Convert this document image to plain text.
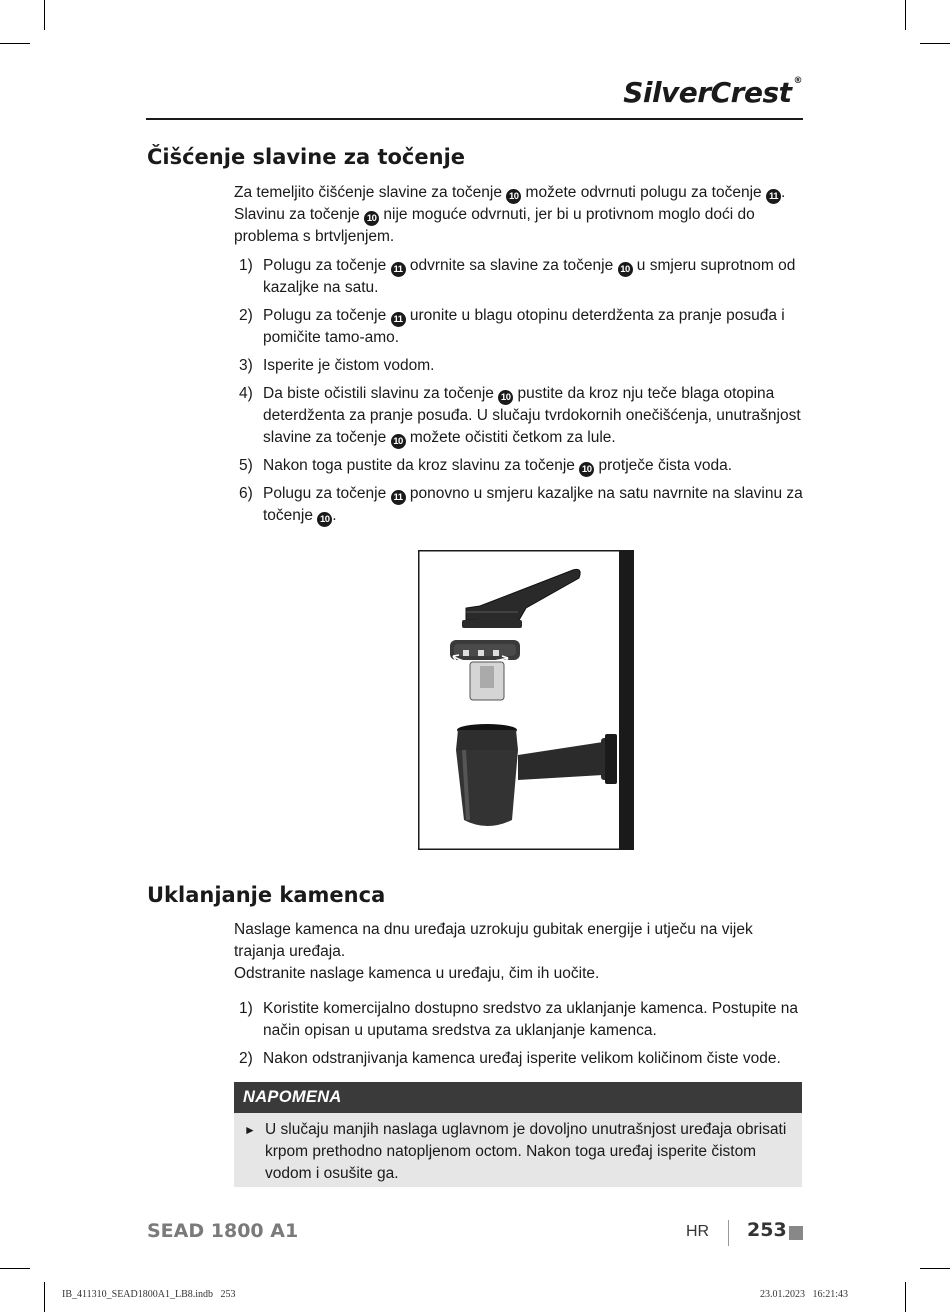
SilverCrest ®
Čišćenje slavine za točenje

Za temeljito čišćenje slavine za točenje 10 možete odvrnuti polugu za točenje 11 . Slavinu za točenje 10 nije moguće odvrnuti, jer bi u protivnom moglo doći do problema s brtvljenjem.

1) Polugu za točenje 11 odvrnite sa slavine za točenje 10 u smjeru suprotnom od kazaljke na satu.
2) Polugu za točenje 11 uronite u blagu otopinu deterdženta za pranje posuđa i pomičite tamo-amo.
3) Isperite je čistom vodom.
4) Da biste očistili slavinu za točenje 10 pustite da kroz nju teče blaga otopina deterdženta za pranje posuđa. U slučaju tvrdokornih onečišćenja, unutrašnjost slavine za točenje 10 možete očistiti četkom za lule.
5) Nakon toga pustite da kroz slavinu za točenje 10 protječe čista voda.
6) Polugu za točenje 11 ponovno u smjeru kazaljke na satu navrnite na slavinu za točenje 10 .
Uklanjanje kamenca
Naslage kamenca na dnu uređaja uzrokuju gubitak energije i utječu na vijek trajanja uređaja.
Odstranite naslage kamenca u uređaju, čim ih uočite.
1) Koristite komercijalno dostupno sredstvo za uklanjanje kamenca. Postupite na način opisan u uputama sredstva za uklanjanje kamenca.
2) Nakon odstranjivanja kamenca uređaj isperite velikom količinom čiste vode.
NAPOMENA
► U slučaju manjih naslaga uglavnom je dovoljno unutrašnjost uređaja obrisati krpom prethodno natopljenom octom. Nakon toga uređaj isperite čistom vodom i osušite ga.
SEAD 1800 A1	HR 253
IB_411310_SEAD1800A1_LB8.indb   253	23.01.2023   16:21:43
